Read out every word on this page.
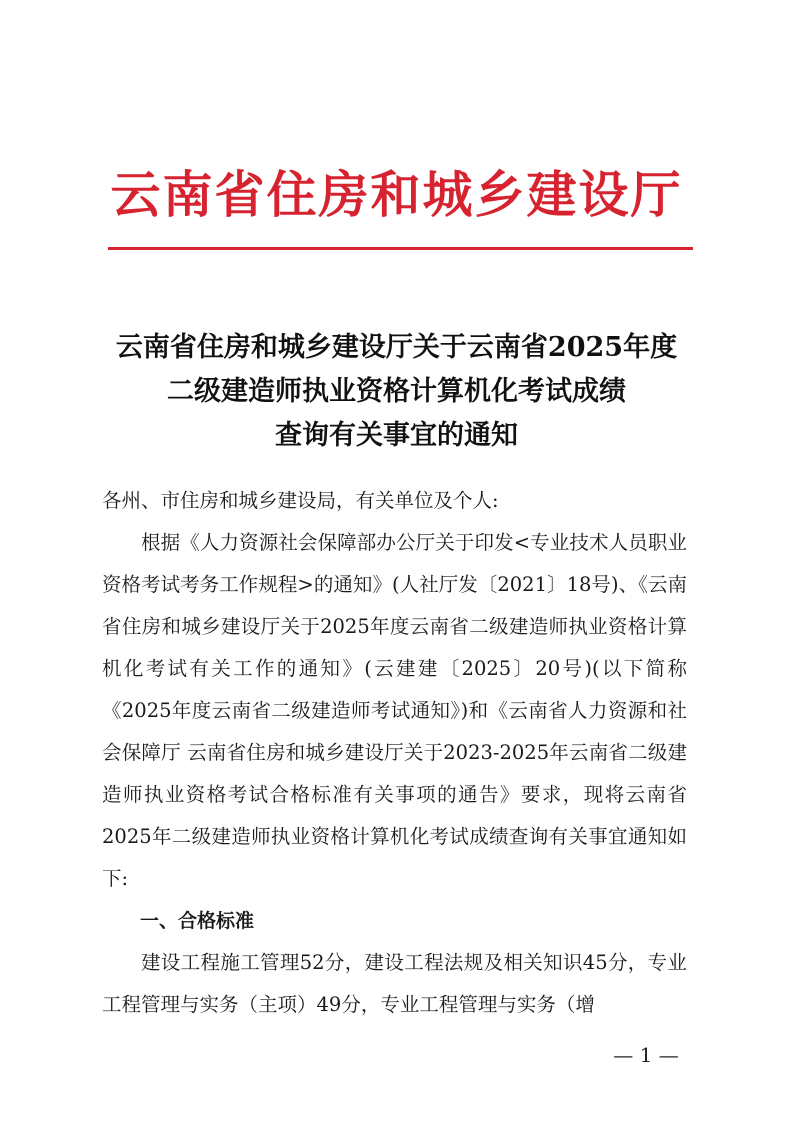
云南省住房和城乡建设厅
云南省住房和城乡建设厅关于云南省2025年度
二级建造师执业资格计算机化考试成绩
查询有关事宜的通知

各州、市住房和城乡建设局，有关单位及个人:

根据《人力资源社会保障部办公厅关于印发<专业技术人员职业资格考试考务工作规程>的通知》(人社厅发〔2021〕18号)、《云南省住房和城乡建设厅关于2025年度云南省二级建造师执业资格计算机化考试有关工作的通知》(云建建〔2025〕20号)(以下简称《2025年度云南省二级建造师考试通知》)和《云南省人力资源和社会保障厅 云南省住房和城乡建设厅关于2023-2025年云南省二级建造师执业资格考试合格标准有关事项的通告》要求，现将云南省2025年二级建造师执业资格计算机化考试成绩查询有关事宜通知如下:

一、合格标准

建设工程施工管理52分，建设工程法规及相关知识45分，专业工程管理与实务（主项）49分，专业工程管理与实务（增

— 1 —
